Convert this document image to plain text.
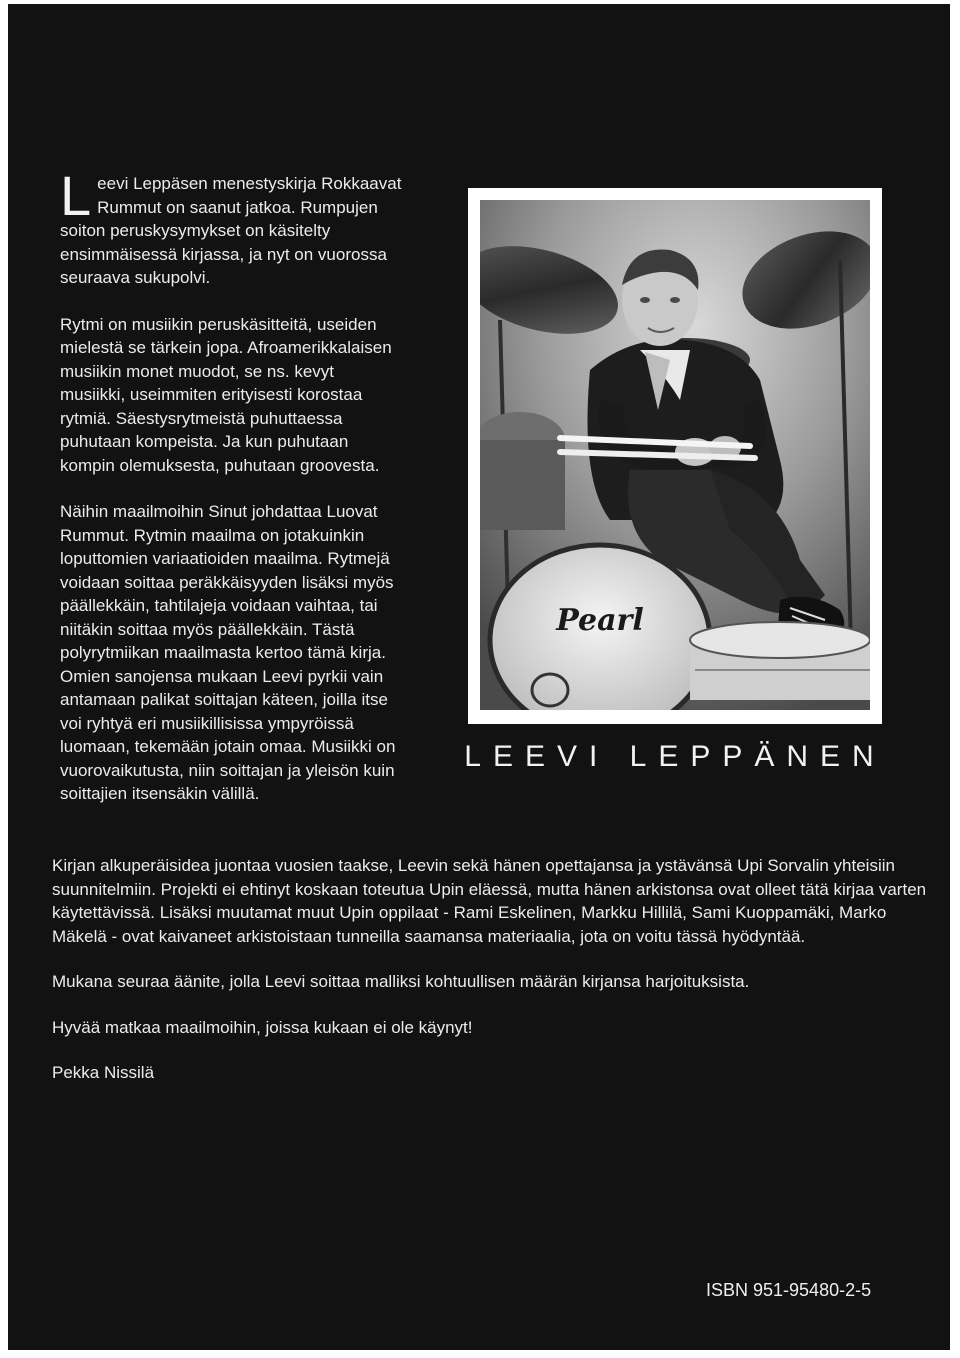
Leevi Leppäsen menestyskirja Rokkaavat Rummut on saanut jatkoa. Rumpujen soiton peruskysymykset on käsitelty ensimmäisessä kirjassa, ja nyt on vuorossa seuraava sukupolvi.

Rytmi on musiikin peruskäsitteitä, useiden mielestä se tärkein jopa. Afroamerikkalaisen musiikin monet muodot, se ns. kevyt musiikki, useimmiten erityisesti korostaa rytmiä. Säestysrytmeistä puhuttaessa puhutaan kompeista. Ja kun puhutaan kompin olemuksesta, puhutaan groovesta.

Näihin maailmoihin Sinut johdattaa Luovat Rummut. Rytmin maailma on jotakuinkin loputtomien variaatioiden maailma. Rytmejä voidaan soittaa peräkkäisyyden lisäksi myös päällekkäin, tahtilajeja voidaan vaihtaa, tai niitäkin soittaa myös päällekkäin. Tästä polyrytmiikan maailmasta kertoo tämä kirja. Omien sanojensa mukaan Leevi pyrkii vain antamaan palikat soittajan käteen, joilla itse voi ryhtyä eri musiikillisissa ympyröissä luomaan, tekemään jotain omaa. Musiikki on vuorovaikutusta, niin soittajan ja yleisön kuin soittajien itsensäkin välillä.

Pearl
LEEVI LEPPÄNEN

Kirjan alkuperäisidea juontaa vuosien taakse, Leevin sekä hänen opettajansa ja ystävänsä Upi Sorvalin yhteisiin suunnitelmiin. Projekti ei ehtinyt koskaan toteutua Upin eläessä, mutta hänen arkistonsa ovat olleet tätä kirjaa varten käytettävissä. Lisäksi muutamat muut Upin oppilaat - Rami Eskelinen, Markku Hillilä, Sami Kuoppamäki, Marko Mäkelä - ovat kaivaneet arkistoistaan tunneilla saamansa materiaalia, jota on voitu tässä hyödyntää.

Mukana seuraa äänite, jolla Leevi soittaa malliksi kohtuullisen määrän kirjansa harjoituksista.

Hyvää matkaa maailmoihin, joissa kukaan ei ole käynyt!

Pekka Nissilä

ISBN 951-95480-2-5
